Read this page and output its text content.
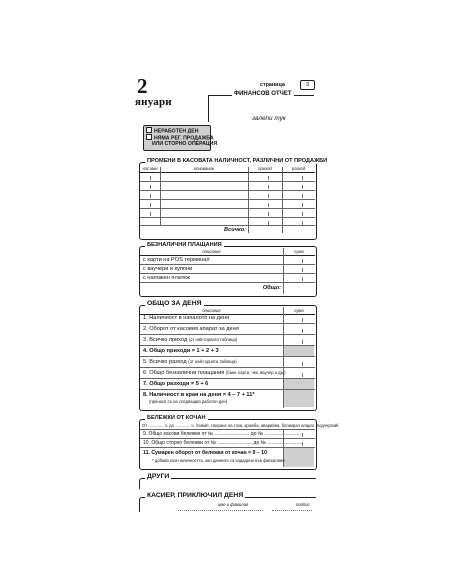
2
януари
страница	3
ФИНАНСОВ ОТЧЕТ
залепи тук
НЕРАБОТЕН ДЕН
НЯМА РЕГ. ПРОДАЖБА
ИЛИ СТОРНО ОПЕРАЦИЯ
ПРОМЕНИ В КАСОВАТА НАЛИЧНОСТ, РАЗЛИЧНИ ОТ ПРОДАЖБИ
час:мин	основание	приход	разход
Всичко:
БЕЗНАЛИЧНИ ПЛАЩАНИЯ
описание	сума
с карти на POS терминал
с ваучери и купони
с наложен платеж
Общо:
ОБЩО ЗА ДЕНЯ
описание	сума
1. Наличност в началото на деня
2. Оборот от касовия апарат за деня
3. Всичко приход (от най-горната таблица)
4. Общо приходи = 1 + 2 + 3
5. Всичко разход (от най-горната таблица)
6. Общо безналични плащания (банк. карти, чек, ваучер и др.)
7. Общо разходи = 5 + 6
8. Наличност в края на деня = 4 – 7 + 11*
(пренася се на следващия работен ден)
БЕЛЕЖКИ ОТ КОЧАН
От ............. ч. до ............. ч. /лимит, спиране на тока, кражба, аварийна, блокирал апарат /подчертай/
9. Общо касови бележки от № ......................... до № ..........................
10. Общо сторно бележки от № ......................... до № ..........................
11. Сумарен оборот от бележки от кочан = 9 – 10
* добава към наличността, ако данните са издадени във фискалния
ДРУГИ
КАСИЕР, ПРИКЛЮЧИЛ ДЕНЯ
име и фамилия	подпис
